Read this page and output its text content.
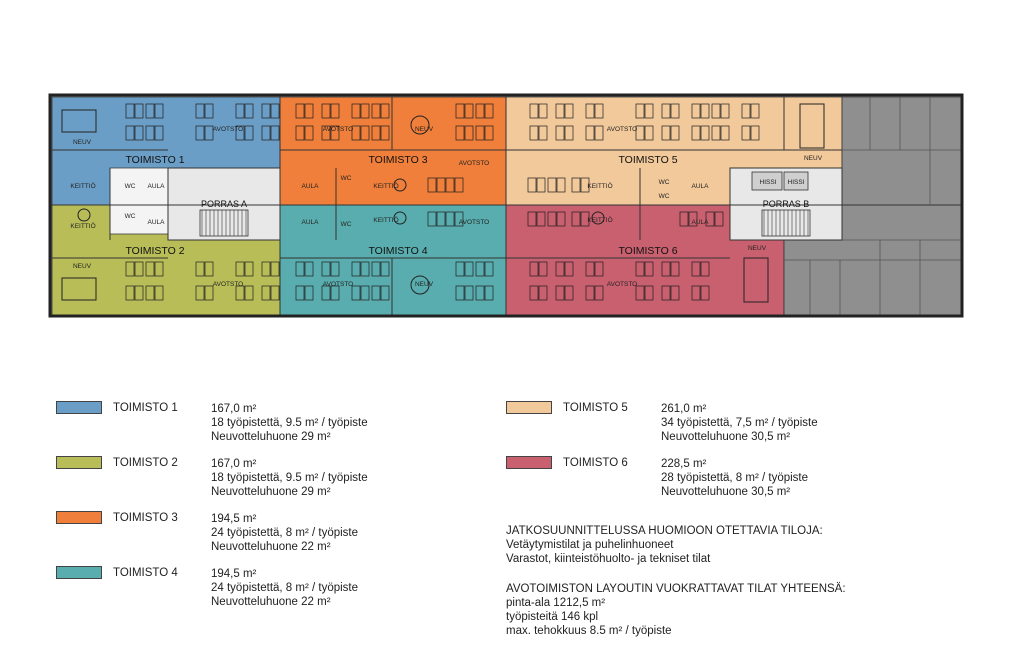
TOIMISTO 1
TOIMISTO 2
TOIMISTO 3
TOIMISTO 4
TOIMISTO 5
TOIMISTO 6
AVOTSTO
AVOTSTO
AVOTSTO
AVOTSTO
AVOTSTO
AVOTSTO
AVOTSTO
AVOTSTO
AULA
AULA
AULA
AULA
AULA
AULA
KEITTIÖ
KEITTIÖ
KEITTIÖ
KEITTIÖ
KEITTIÖ
KEITTIÖ
WC
WC
WC
WC
WC
WC
NEUV
NEUV
NEUV
NEUV
NEUV
NEUV
HISSI HISSI
PORRAS A	PORRAS B
TOIMISTO 1	167,0 m²
18 työpistettä, 9.5 m² / työpiste
Neuvotteluhuone 29 m²
TOIMISTO 2	167,0 m²
18 työpistettä, 9.5 m² / työpiste
Neuvotteluhuone 29 m²
TOIMISTO 3	194,5 m²
24 työpistettä, 8 m² / työpiste
Neuvotteluhuone 22 m²
TOIMISTO 4	194,5 m²
24 työpistettä, 8 m² / työpiste
Neuvotteluhuone 22 m²
TOIMISTO 5	261,0 m²
34 työpistettä, 7,5 m² / työpiste
Neuvotteluhuone 30,5 m²
TOIMISTO 6	228,5 m²
28 työpistettä, 8 m² / työpiste
Neuvotteluhuone 30,5 m²
JATKOSUUNNITTELUSSA HUOMIOON OTETTAVIA TILOJA:
Vetäytymistilat ja puhelinhuoneet
Varastot, kiinteistöhuolto- ja tekniset tilat
AVOTOIMISTON LAYOUTIN VUOKRATTAVAT TILAT YHTEENSÄ:
pinta-ala 1212,5 m²
työpisteitä 146 kpl
max. tehokkuus 8.5 m² / työpiste
